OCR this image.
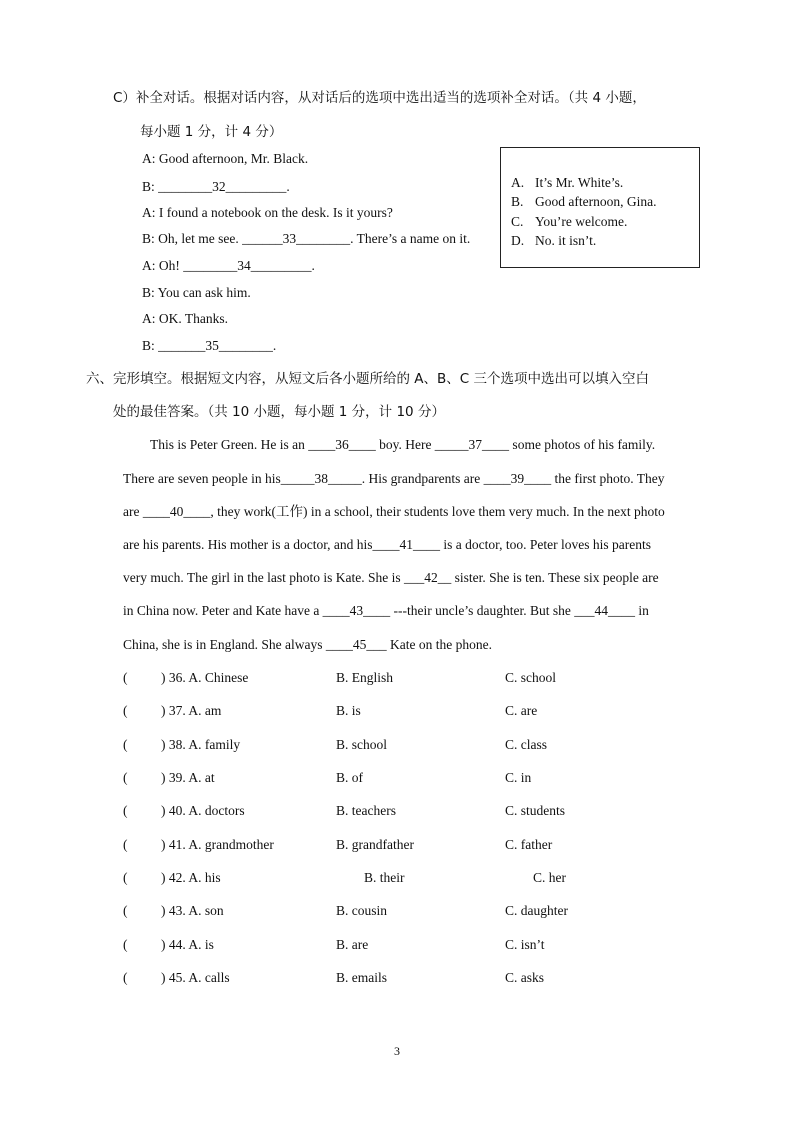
C）补全对话。根据对话内容，从对话后的选项中选出适当的选项补全对话。（共 4 小题，
每小题 1 分，计 4 分）
A: Good afternoon, Mr. Black.
B: ________32_________.
A: I found a notebook on the desk. Is it yours?
B: Oh, let me see. ______33________. There’s a name on it.
A: Oh! ________34_________.
B: You can ask him.
A: OK. Thanks.
B: _______35________.
A. It’s Mr. White’s.
B. Good afternoon, Gina.
C. You’re welcome.
D. No. it isn’t.
六、完形填空。根据短文内容，从短文后各小题所给的 A、B、C 三个选项中选出可以填入空白
处的最佳答案。（共 10 小题，每小题 1 分，计 10 分）
This is Peter Green. He is an ____36____ boy. Here _____37____ some photos of his family.
There are seven people in his_____38_____. His grandparents are ____39____ the first photo. They
are ____40____, they work(工作) in a school, their students love them very much. In the next photo
are his parents. His mother is a doctor, and his____41____ is a doctor, too. Peter loves his parents
very much. The girl in the last photo is Kate. She is ___42__ sister. She is ten. These six people are
in China now. Peter and Kate have a ____43____ ---their uncle’s daughter. But she ___44____ in
China, she is in England. She always ____45___ Kate on the phone.
( ) 36. A. Chinese	B. English	C. school
( ) 37. A. am	B. is	C. are
( ) 38. A. family	B. school	C. class
( ) 39. A. at	B. of	C. in
( ) 40. A. doctors	B. teachers	C. students
( ) 41. A. grandmother	B. grandfather	C. father
( ) 42. A. his	B. their	C. her
( ) 43. A. son	B. cousin	C. daughter
( ) 44. A. is	B. are	C. isn’t
( ) 45. A. calls	B. emails	C. asks
3
